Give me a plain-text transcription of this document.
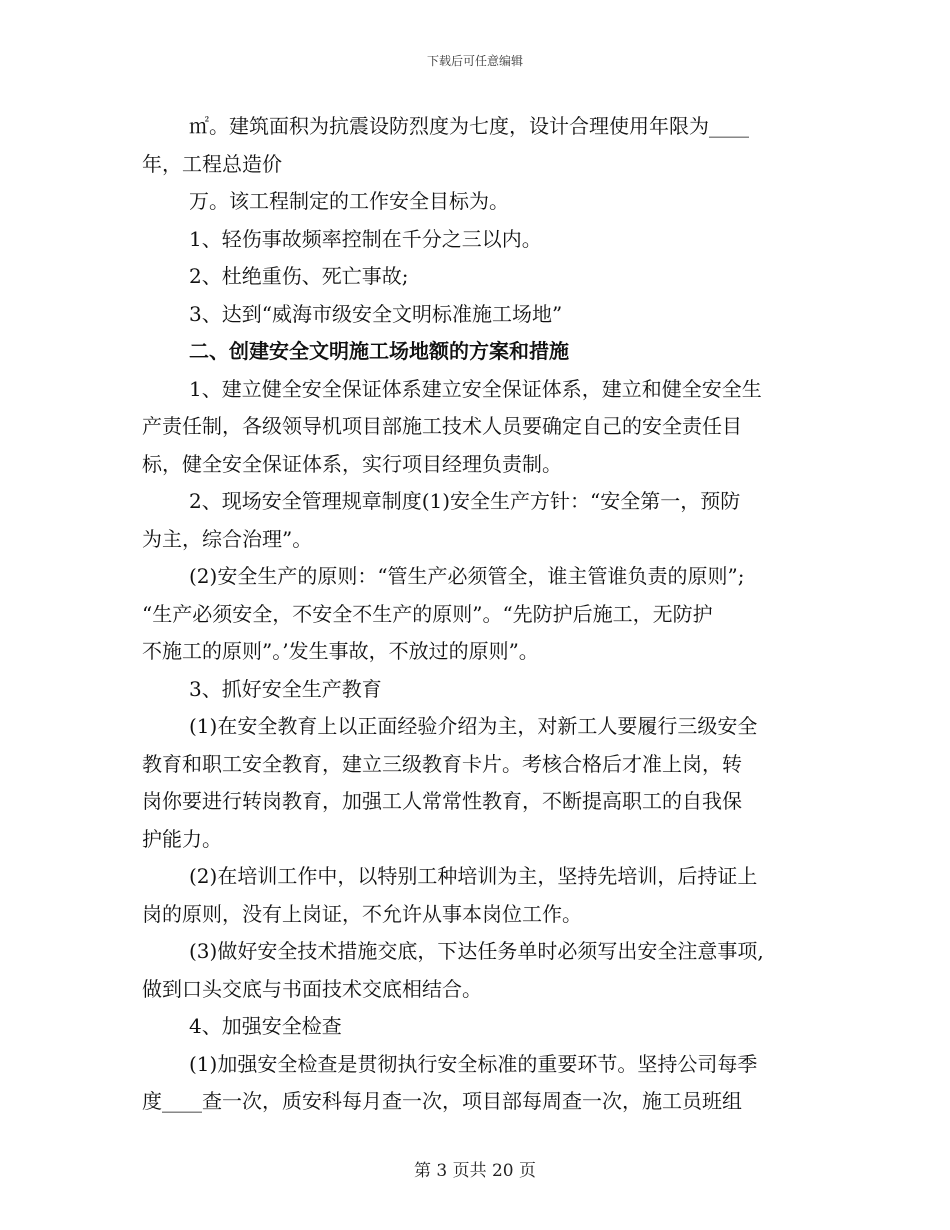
下载后可任意编辑

㎡。建筑面积为抗震设防烈度为七度，设计合理使用年限为____

年，工程总造价

万。该工程制定的工作安全目标为。

1、轻伤事故频率控制在千分之三以内。

2、杜绝重伤、死亡事故;

3、达到“威海市级安全文明标准施工场地”

二、创建安全文明施工场地额的方案和措施

1、建立健全安全保证体系建立安全保证体系，建立和健全安全生

产责任制，各级领导机项目部施工技术人员要确定自己的安全责任目

标，健全安全保证体系，实行项目经理负责制。

2、现场安全管理规章制度(1)安全生产方针：“安全第一，预防

为主，综合治理”。

(2)安全生产的原则：“管生产必须管全，谁主管谁负责的原则”;

“生产必须安全，不安全不生产的原则”。“先防护后施工，无防护

不施工的原则”。’发生事故，不放过的原则”。

3、抓好安全生产教育

(1)在安全教育上以正面经验介绍为主，对新工人要履行三级安全

教育和职工安全教育，建立三级教育卡片。考核合格后才准上岗，转

岗你要进行转岗教育，加强工人常常性教育，不断提高职工的自我保

护能力。

(2)在培训工作中，以特别工种培训为主，坚持先培训，后持证上

岗的原则，没有上岗证，不允许从事本岗位工作。

(3)做好安全技术措施交底，下达任务单时必须写出安全注意事项,

做到口头交底与书面技术交底相结合。

4、加强安全检查

(1)加强安全检查是贯彻执行安全标准的重要环节。坚持公司每季

度____查一次，质安科每月查一次，项目部每周查一次，施工员班组

第 3 页共 20 页
